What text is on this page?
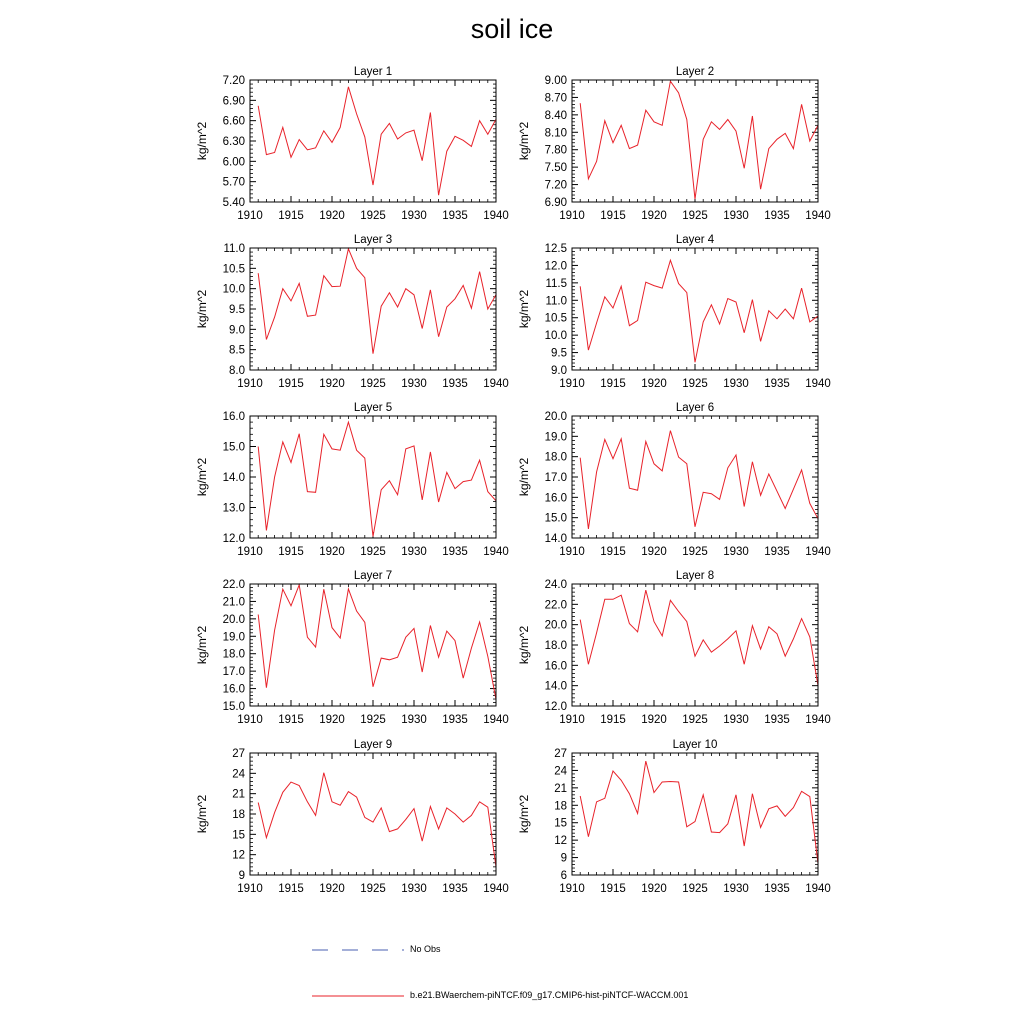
soil ice
Layer 1
kg/m^2
1910 1915 1920 1925 1930 1935 1940
5.40
5.70
6.00
6.30
6.60
6.90
7.20
Layer 2
kg/m^2
1910 1915 1920 1925 1930 1935 1940
6.90
7.20
7.50
7.80
8.10
8.40
8.70
9.00
Layer 3
kg/m^2
1910 1915 1920 1925 1930 1935 1940
8.0
8.5
9.0
9.5
10.0
10.5
11.0
Layer 4
kg/m^2
1910 1915 1920 1925 1930 1935 1940
9.0
9.5
10.0
10.5
11.0
11.5
12.0
12.5
Layer 5
kg/m^2
1910 1915 1920 1925 1930 1935 1940
12.0
13.0
14.0
15.0
16.0
Layer 6
kg/m^2
1910 1915 1920 1925 1930 1935 1940
14.0
15.0
16.0
17.0
18.0
19.0
20.0
Layer 7
kg/m^2
1910 1915 1920 1925 1930 1935 1940
15.0
16.0
17.0
18.0
19.0
20.0
21.0
22.0
Layer 8
kg/m^2
1910 1915 1920 1925 1930 1935 1940
12.0
14.0
16.0
18.0
20.0
22.0
24.0
Layer 9
kg/m^2
1910 1915 1920 1925 1930 1935 1940
9
12
15
18
21
24
27
Layer 10
kg/m^2
1910 1915 1920 1925 1930 1935 1940
6
9
12
15
18
21
24
27
No Obs
b.e21.BWaerchem-piNTCF.f09_g17.CMIP6-hist-piNTCF-WACCM.001
